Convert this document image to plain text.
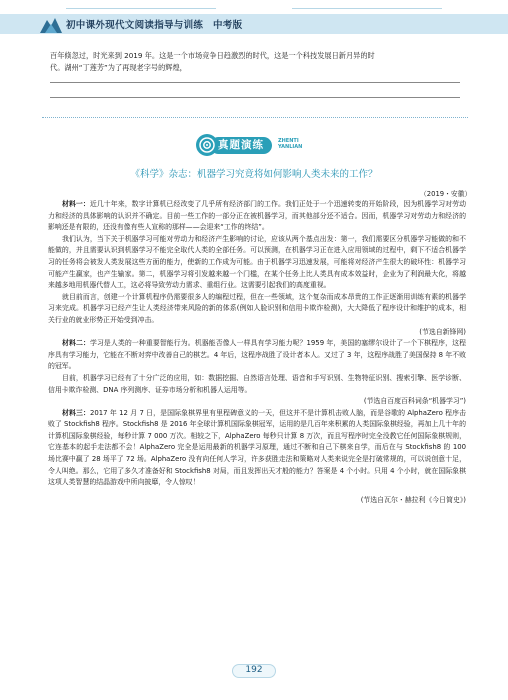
初中课外现代文阅读指导与训练　中考版
百年倏忽过，时光来到 2019 年。这是一个市场竞争日趋激烈的时代，这是一个科技发展日新月异的时
代。湖州“丁莲芳”为了再现老字号的辉煌，
真题演练	ZHENTI
YANLIAN
《科学》杂志：机器学习究竟将如何影响人类未来的工作？
（2019・安徽）

材料一：近几十年来，数字计算机已经改变了几乎所有经济部门的工作。我们正处于一个迅速转变的开始阶段，因为机器学习对劳动力和经济的具体影响的认识并不确定。目前一些工作的一部分正在被机器学习，而其他部分还不适合。因而，机器学习对劳动力和经济的影响还是有限的，还没有像有些人宣称的那样——会迎来“工作的终结”。

我们认为，当下关于机器学习可能对劳动力和经济产生影响的讨论，应该从两个基点出发：第一，我们需要区分机器学习能做的和不能做的，并且需要认识到机器学习不能完全取代人类的全部任务。可以预测，在机器学习正在进入应用领域的过程中，剩下不适合机器学习的任务将会被发人类发展这些方面的能力，使新的工作成为可能。由于机器学习迅速发展，可能将对经济产生很大的破坏性：机器学习可能产生赢家，也产生输家。第二，机器学习将引发越来越一个门槛，在某个任务上比人类具有成本效益时，企业为了利润最大化，将越来越多地用机器代替人工，这必将导致劳动力需求、重组行业。这需要引起我们的高度重视。

就目前而言，创建一个计算机程序仍需要很多人的编程过程，但在一些领域，这个复杂而成本昂贵的工作正逐渐用训练有素的机器学习来完成。机器学习已经产生让人类经济带来风险的新的体系(例如人脸识别和信用卡欺诈检测)，大大降低了程序设计和维护的成本，相关行业的就业形势正开始受到冲击。

(节选自新锋网)

材料二：学习是人类的一种重要智能行为。机器能否像人一样具有学习能力呢？1959 年，美国的塞缪尔设计了一个下棋程序，这程序具有学习能力，它能在不断对弈中改善自己的棋艺。4 年后，这程序战胜了设计者本人。又过了 3 年，这程序战胜了美国保持 8 年不败的冠军。

目前，机器学习已经有了十分广泛的应用，如：数据挖掘、自然语言处理、语音和手写识别、生物特征识别、搜索引擎、医学诊断、信用卡欺诈检测、DNA 序列测序、证券市场分析和机器人运用等。

(节选自百度百科词条“机器学习”)

材料三：2017 年 12 月 7 日，是国际象棋界里有里程碑意义的一天，但这并不是计算机击败人脑，而是谷歌的 AlphaZero 程序击败了 Stockfish8 程序。Stockfish8 是 2016 年全球计算机国际象棋冠军，运用的是几百年来积累的人类国际象棋经验，再加上几十年的计算机国际象棋经验，每秒计算 7 000 万次。相较之下，AlphaZero 每秒只计算 8 万次，而且写程序时完全没教它任何国际象棋规则，它连基本的起手走法都不会！AlphaZero 完全是运用最新的机器学习原理，通过不断和自己下棋来自学，而后在与 Stockfish8 的 100 场比赛中赢了 28 场平了 72 场。AlphaZero 没有向任何人学习，许多获胜走法和策略对人类来说完全是打破常规的，可以说创意十足，令人叫绝。那么，它用了多久才准备好和 Stockfish8 对局，而且发挥出天才般的能力？答案是 4 个小时。只用 4 个小时，就在国际象棋这项人类智慧的结晶游戏中所向披靡，令人惊叹！

(节选自瓦尔・赫拉利《今日简史》)

192
